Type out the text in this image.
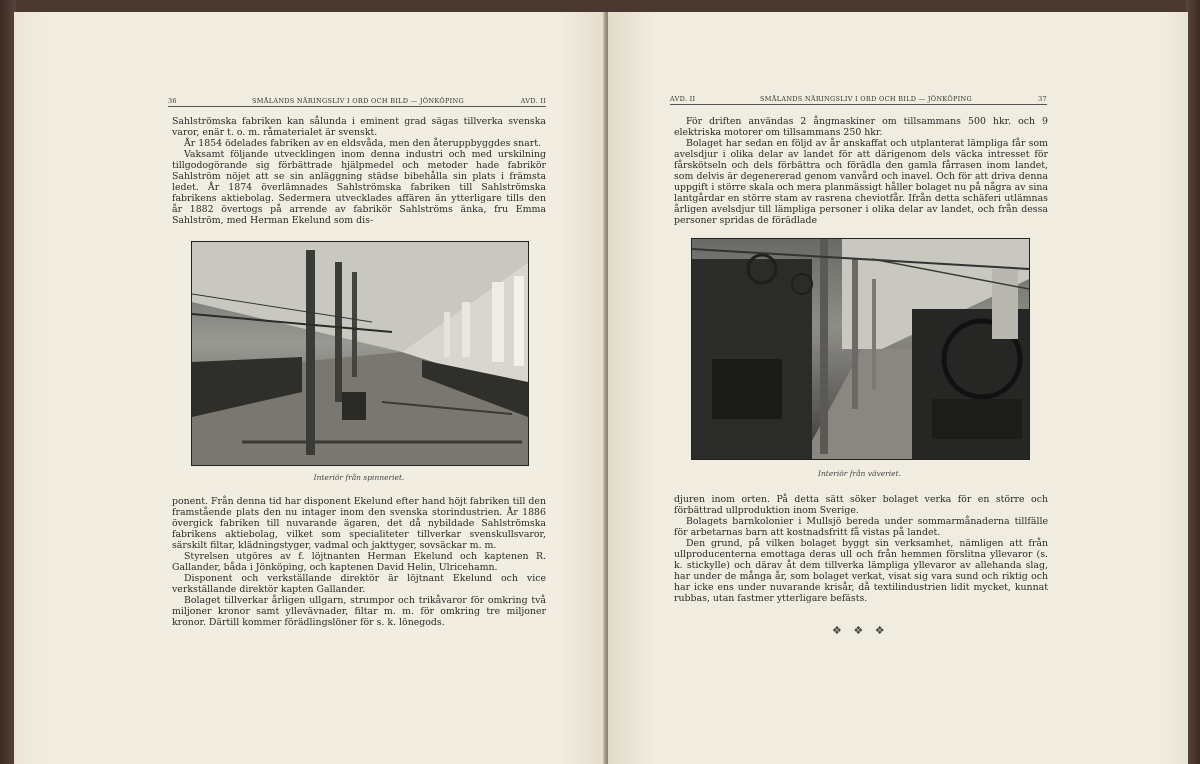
36	SMÅLANDS NÄRINGSLIV I ORD OCH BILD — JÖNKÖPING	AVD. II

Sahlströmska fabriken kan sålunda i eminent grad sägas tillverka svenska varor, enär t. o. m. råmaterialet är svenskt.

År 1854 ödelades fabriken av en eldsvåda, men den återuppbyggdes snart.

Vaksamt följande utvecklingen inom denna industri och med urskilning tillgodogörande sig förbättrade hjälpmedel och metoder hade fabrikör Sahlström nöjet att se sin anläggning städse bibehålla sin plats i främsta ledet. År 1874 överlämnades Sahlströmska fabriken till Sahlströmska fabrikens aktiebolag. Sedermera utvecklades affären än ytterligare tills den år 1882 övertogs på arrende av fabrikör Sahlströms änka, fru Emma Sahlström, med Herman Ekelund som dis-

Interiör från spinneriet.

ponent. Från denna tid har disponent Ekelund efter hand höjt fabriken till den framstående plats den nu intager inom den svenska storindustrien. År 1886 övergick fabriken till nuvarande ägaren, det då nybildade Sahlströmska fabrikens aktiebolag, vilket som specialiteter tillverkar svenskullsvaror, särskilt filtar, klädningstyger, vadmal och jakttyger, sovsäckar m. m.

Styrelsen utgöres av f. löjtnanten Herman Ekelund och kaptenen R. Gallander, båda i Jönköping, och kaptenen David Helin, Ulricehamn.

Disponent och verkställande direktör är löjtnant Ekelund och vice verkställande direktör kapten Gallander.

Bolaget tillverkar årligen ullgarn, strumpor och trikåvaror för omkring två miljoner kronor samt yllevävnader, filtar m. m. för omkring tre miljoner kronor. Därtill kommer förädlingslöner för s. k. lönegods.

AVD. II	SMÅLANDS NÄRINGSLIV I ORD OCH BILD — JÖNKÖPING	37

För driften användas 2 ångmaskiner om tillsammans 500 hkr. och 9 elektriska motorer om tillsammans 250 hkr.

Bolaget har sedan en följd av år anskaffat och utplanterat lämpliga får som avelsdjur i olika delar av landet för att därigenom dels väcka intresset för fårskötseln och dels förbättra och förädla den gamla fårrasen inom landet, som delvis är degenererad genom vanvård och inavel. Och för att driva denna uppgift i större skala och mera planmässigt håller bolaget nu på några av sina lantgårdar en större stam av rasrena cheviotfår. Ifrån detta schäferi utlämnas årligen avelsdjur till lämpliga personer i olika delar av landet, och från dessa personer spridas de förädlade

Interiör från väveriet.

djuren inom orten. På detta sätt söker bolaget verka för en större och förbättrad ullproduktion inom Sverige.

Bolagets barnkolonier i Mullsjö bereda under sommarmånaderna tillfälle för arbetarnas barn att kostnadsfritt få vistas på landet.

Den grund, på vilken bolaget byggt sin verksamhet, nämligen att från ullproducenterna emottaga deras ull och från hemmen förslitna yllevaror (s. k. stickylle) och därav åt dem tillverka lämpliga yllevaror av allehanda slag, har under de många år, som bolaget verkat, visat sig vara sund och riktig och har icke ens under nuvarande krisår, då textilindustrien lidit mycket, kunnat rubbas, utan fastmer ytterligare befästs.

❖ ❖ ❖
